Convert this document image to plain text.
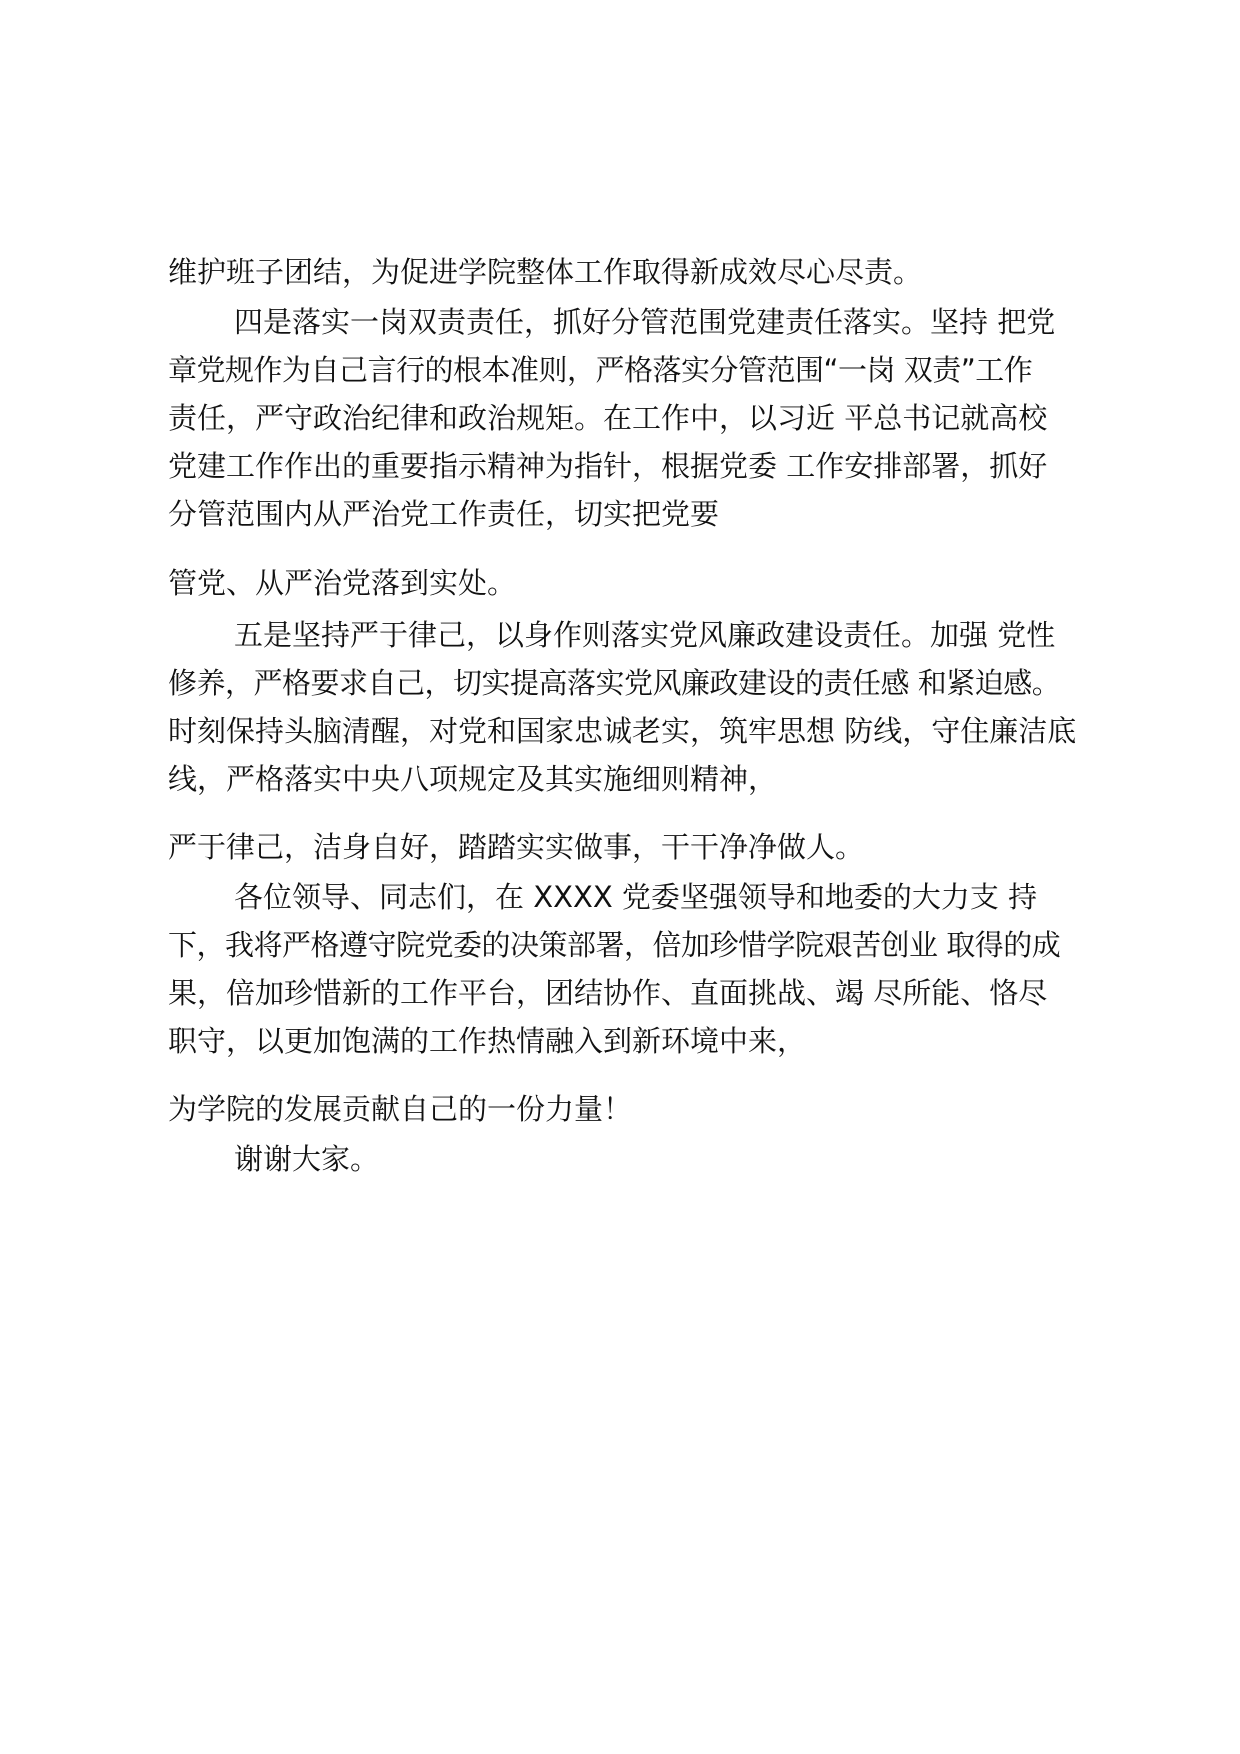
维护班子团结，为促进学院整体工作取得新成效尽心尽责。
四是落实一岗双责责任，抓好分管范围党建责任落实。坚持 把党
章党规作为自己言行的根本准则，严格落实分管范围“一岗 双责”工作
责任，严守政治纪律和政治规矩。在工作中，以习近 平总书记就高校
党建工作作出的重要指示精神为指针，根据党委 工作安排部署，抓好
分管范围内从严治党工作责任，切实把党要
管党、从严治党落到实处。
五是坚持严于律己，以身作则落实党风廉政建设责任。加强 党性
修养，严格要求自己，切实提高落实党风廉政建设的责任感 和紧迫感。
时刻保持头脑清醒，对党和国家忠诚老实，筑牢思想 防线，守住廉洁底
线，严格落实中央八项规定及其实施细则精神，
严于律己，洁身自好，踏踏实实做事，干干净净做人。
各位领导、同志们，在 XXXX 党委坚强领导和地委的大力支 持
下，我将严格遵守院党委的决策部署，倍加珍惜学院艰苦创业 取得的成
果，倍加珍惜新的工作平台，团结协作、直面挑战、竭 尽所能、恪尽
职守，以更加饱满的工作热情融入到新环境中来，
为学院的发展贡献自己的一份力量！
谢谢大家。
